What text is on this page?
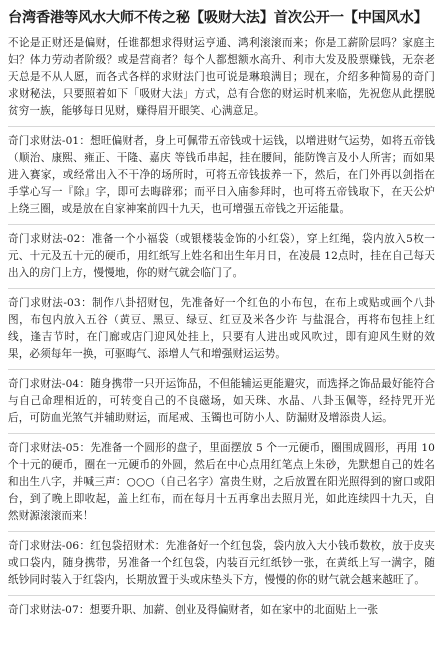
台湾香港等风水大师不传之秘【吸财大法】首次公开一【中国风水】

不论是正财还是偏财，任谁都想求得财运亨通、鸿利滚滚而来；你是工薪阶层吗？家庭主妇？体力劳动者阶级？或是营商者？每个人都想额水高升、利市大发及股票赚钱，无奈老天总是不从人愿，而各式各样的求财法门也可说是琳琅满目；现在，介绍多种简易的奇门求财秘法，只要照着如下「吸财大法」方式，总有合您的财运时机来临，先祝您从此摆脱贫穷一族，能够每日见财，赚得眉开眼笑、心满意足。

奇门求财法-01：想旺偏财者，身上可佩带五帝钱或十运钱，以增进财气运势，如将五帝钱（顺治、康熙、雍正、干隆、嘉庆 等钱币串起，挂在腰间，能防馋言及小人所害；而如果进入赛家，或经常出入不干净的场所时，可将五帝钱拔养一下，然后，在门外再以剑指在手掌心写一『除』字，即可去晦辟邪；而平日入庙参拜时，也可将五帝钱取下，在天公炉上绕三圈，或是放在自家神案前四十九天，也可增强五帝钱之开运能量。

奇门求财法-02：准备一个小福袋（或银楼装金饰的小红袋），穿上红绳，袋内放入5枚一元、十元及五十元的硬币，用红纸写上姓名和出生年月日，在凌晨 12点时，挂在自己每天出入的房门上方，慢慢地，你的财气就会临门了。

奇门求财法-03：制作八卦招财包，先准备好一个红色的小布包，在布上或贴或画个八卦图，布包内放入五谷（黄豆、黑豆、绿豆、红豆及米各少许 与盐混合，再将布包挂上红线，逢吉节时，在门廊或店门迎风处挂上，只要有人进出或风吹过，即有迎风生财的效果，必须每年一换，可驱晦气、添增人气和增强财运运势。

奇门求财法-04：随身携带一只开运饰品，不但能辅运更能避灾，而选择之饰品最好能符合与自己命理相近的，可转变自己的不良磁场，如天珠、水晶、八卦玉佩等，经持咒开光后，可防血光煞气并辅助财运，而尾戒、玉镯也可防小人、防漏财及增添贵人运。

奇门求财法-05：先准备一个圆形的盘子，里面摆放 5 个一元硬币，圈围成圆形，再用 10 个十元的硬币，圈在一元硬币的外圆，然后在中心点用红笔点上朱砂，先默想自己的姓名和出生八字，并喊三声：○○○（自己名字）富贵生财，之后放置在阳光照得到的窗口或阳台，到了晚上即收起，盖上红布，而在每月十五再拿出去照月光，如此连续四十九天，自然财源滚滚而来！

奇门求财法-06：红包袋招财术：先准备好一个红包袋，袋内放入大小钱币数枚，放于皮夹或口袋内，随身携带，另准备一个红包袋，内装百元红纸钞一张，在黄纸上写一满字，随纸钞同时装入于红袋内，长期放置于头或床垫头下方，慢慢的你的财气就会越来越旺了。

奇门求财法-07：想要升职、加薪、创业及得偏财者，如在家中的北面贴上一张
